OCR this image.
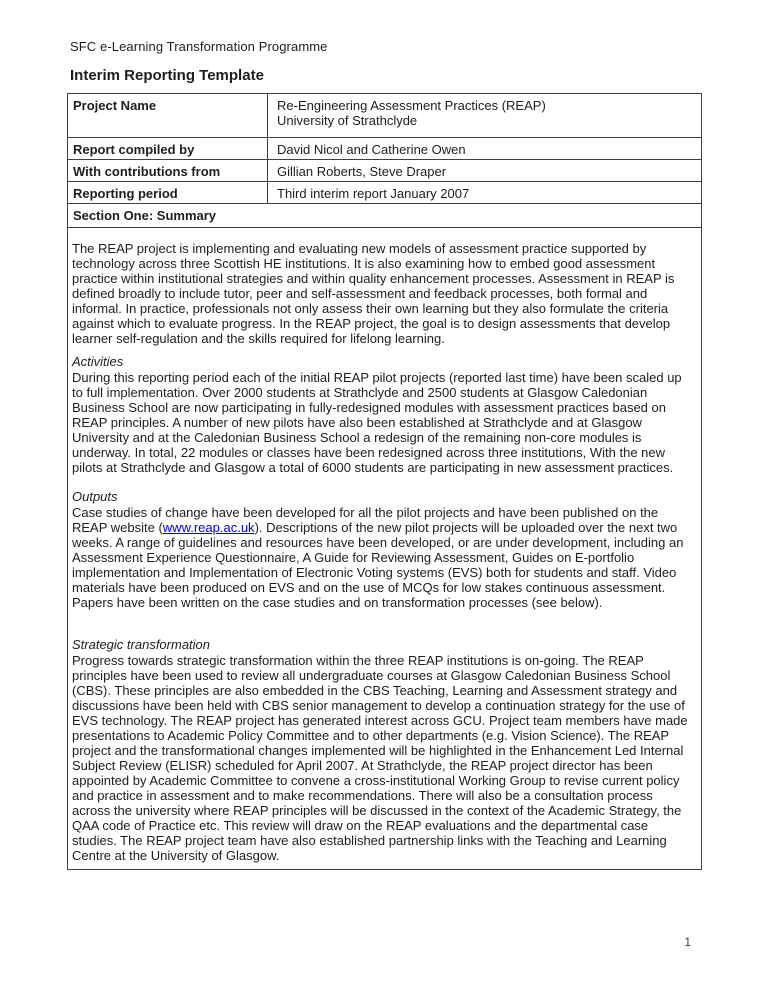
SFC e-Learning Transformation Programme
Interim Reporting Template
Project Name	Re-Engineering Assessment Practices (REAP)
University of Strathclyde

Report compiled by	David Nicol and Catherine Owen
With contributions from	Gillian Roberts, Steve Draper
Reporting period	Third interim report January 2007
Section One: Summary	

The REAP project is implementing and evaluating new models of assessment practice supported by technology across three Scottish HE institutions. It is also examining how to embed good assessment practice within institutional strategies and within quality enhancement processes. Assessment in REAP is defined broadly to include tutor, peer and self-assessment and feedback processes, both formal and informal. In practice, professionals not only assess their own learning but they also formulate the criteria against which to evaluate progress. In the REAP project, the goal is to design assessments that develop learner self-regulation and the skills required for lifelong learning.

Activities

During this reporting period each of the initial REAP pilot projects (reported last time) have been scaled up to full implementation. Over 2000 students at Strathclyde and 2500 students at Glasgow Caledonian Business School are now participating in fully-redesigned modules with assessment practices based on REAP principles. A number of new pilots have also been established at Strathclyde and at Glasgow University and at the Caledonian Business School a redesign of the remaining non-core modules is underway. In total, 22 modules or classes have been redesigned across three institutions, With the new pilots at Strathclyde and Glasgow a total of 6000 students are participating in new assessment practices.

Outputs

Case studies of change have been developed for all the pilot projects and have been published on the REAP website (www.reap.ac.uk). Descriptions of the new pilot projects will be uploaded over the next two weeks. A range of guidelines and resources have been developed, or are under development, including an Assessment Experience Questionnaire, A Guide for Reviewing Assessment, Guides on E-portfolio implementation and Implementation of Electronic Voting systems (EVS) both for students and staff. Video materials have been produced on EVS and on the use of MCQs for low stakes continuous assessment. Papers have been written on the case studies and on transformation processes (see below).

Strategic transformation

Progress towards strategic transformation within the three REAP institutions is on-going. The REAP principles have been used to review all undergraduate courses at Glasgow Caledonian Business School (CBS). These principles are also embedded in the CBS Teaching, Learning and Assessment strategy and discussions have been held with CBS senior management to develop a continuation strategy for the use of EVS technology. The REAP project has generated interest across GCU. Project team members have made presentations to Academic Policy Committee and to other departments (e.g. Vision Science). The REAP project and the transformational changes implemented will be highlighted in the Enhancement Led Internal Subject Review (ELISR) scheduled for April 2007. At Strathclyde, the REAP project director has been appointed by Academic Committee to convene a cross-institutional Working Group to revise current policy and practice in assessment and to make recommendations. There will also be a consultation process across the university where REAP principles will be discussed in the context of the Academic Strategy, the QAA code of Practice etc. This review will draw on the REAP evaluations and the departmental case studies. The REAP project team have also established partnership links with the Teaching and Learning Centre at the University of Glasgow.

1
